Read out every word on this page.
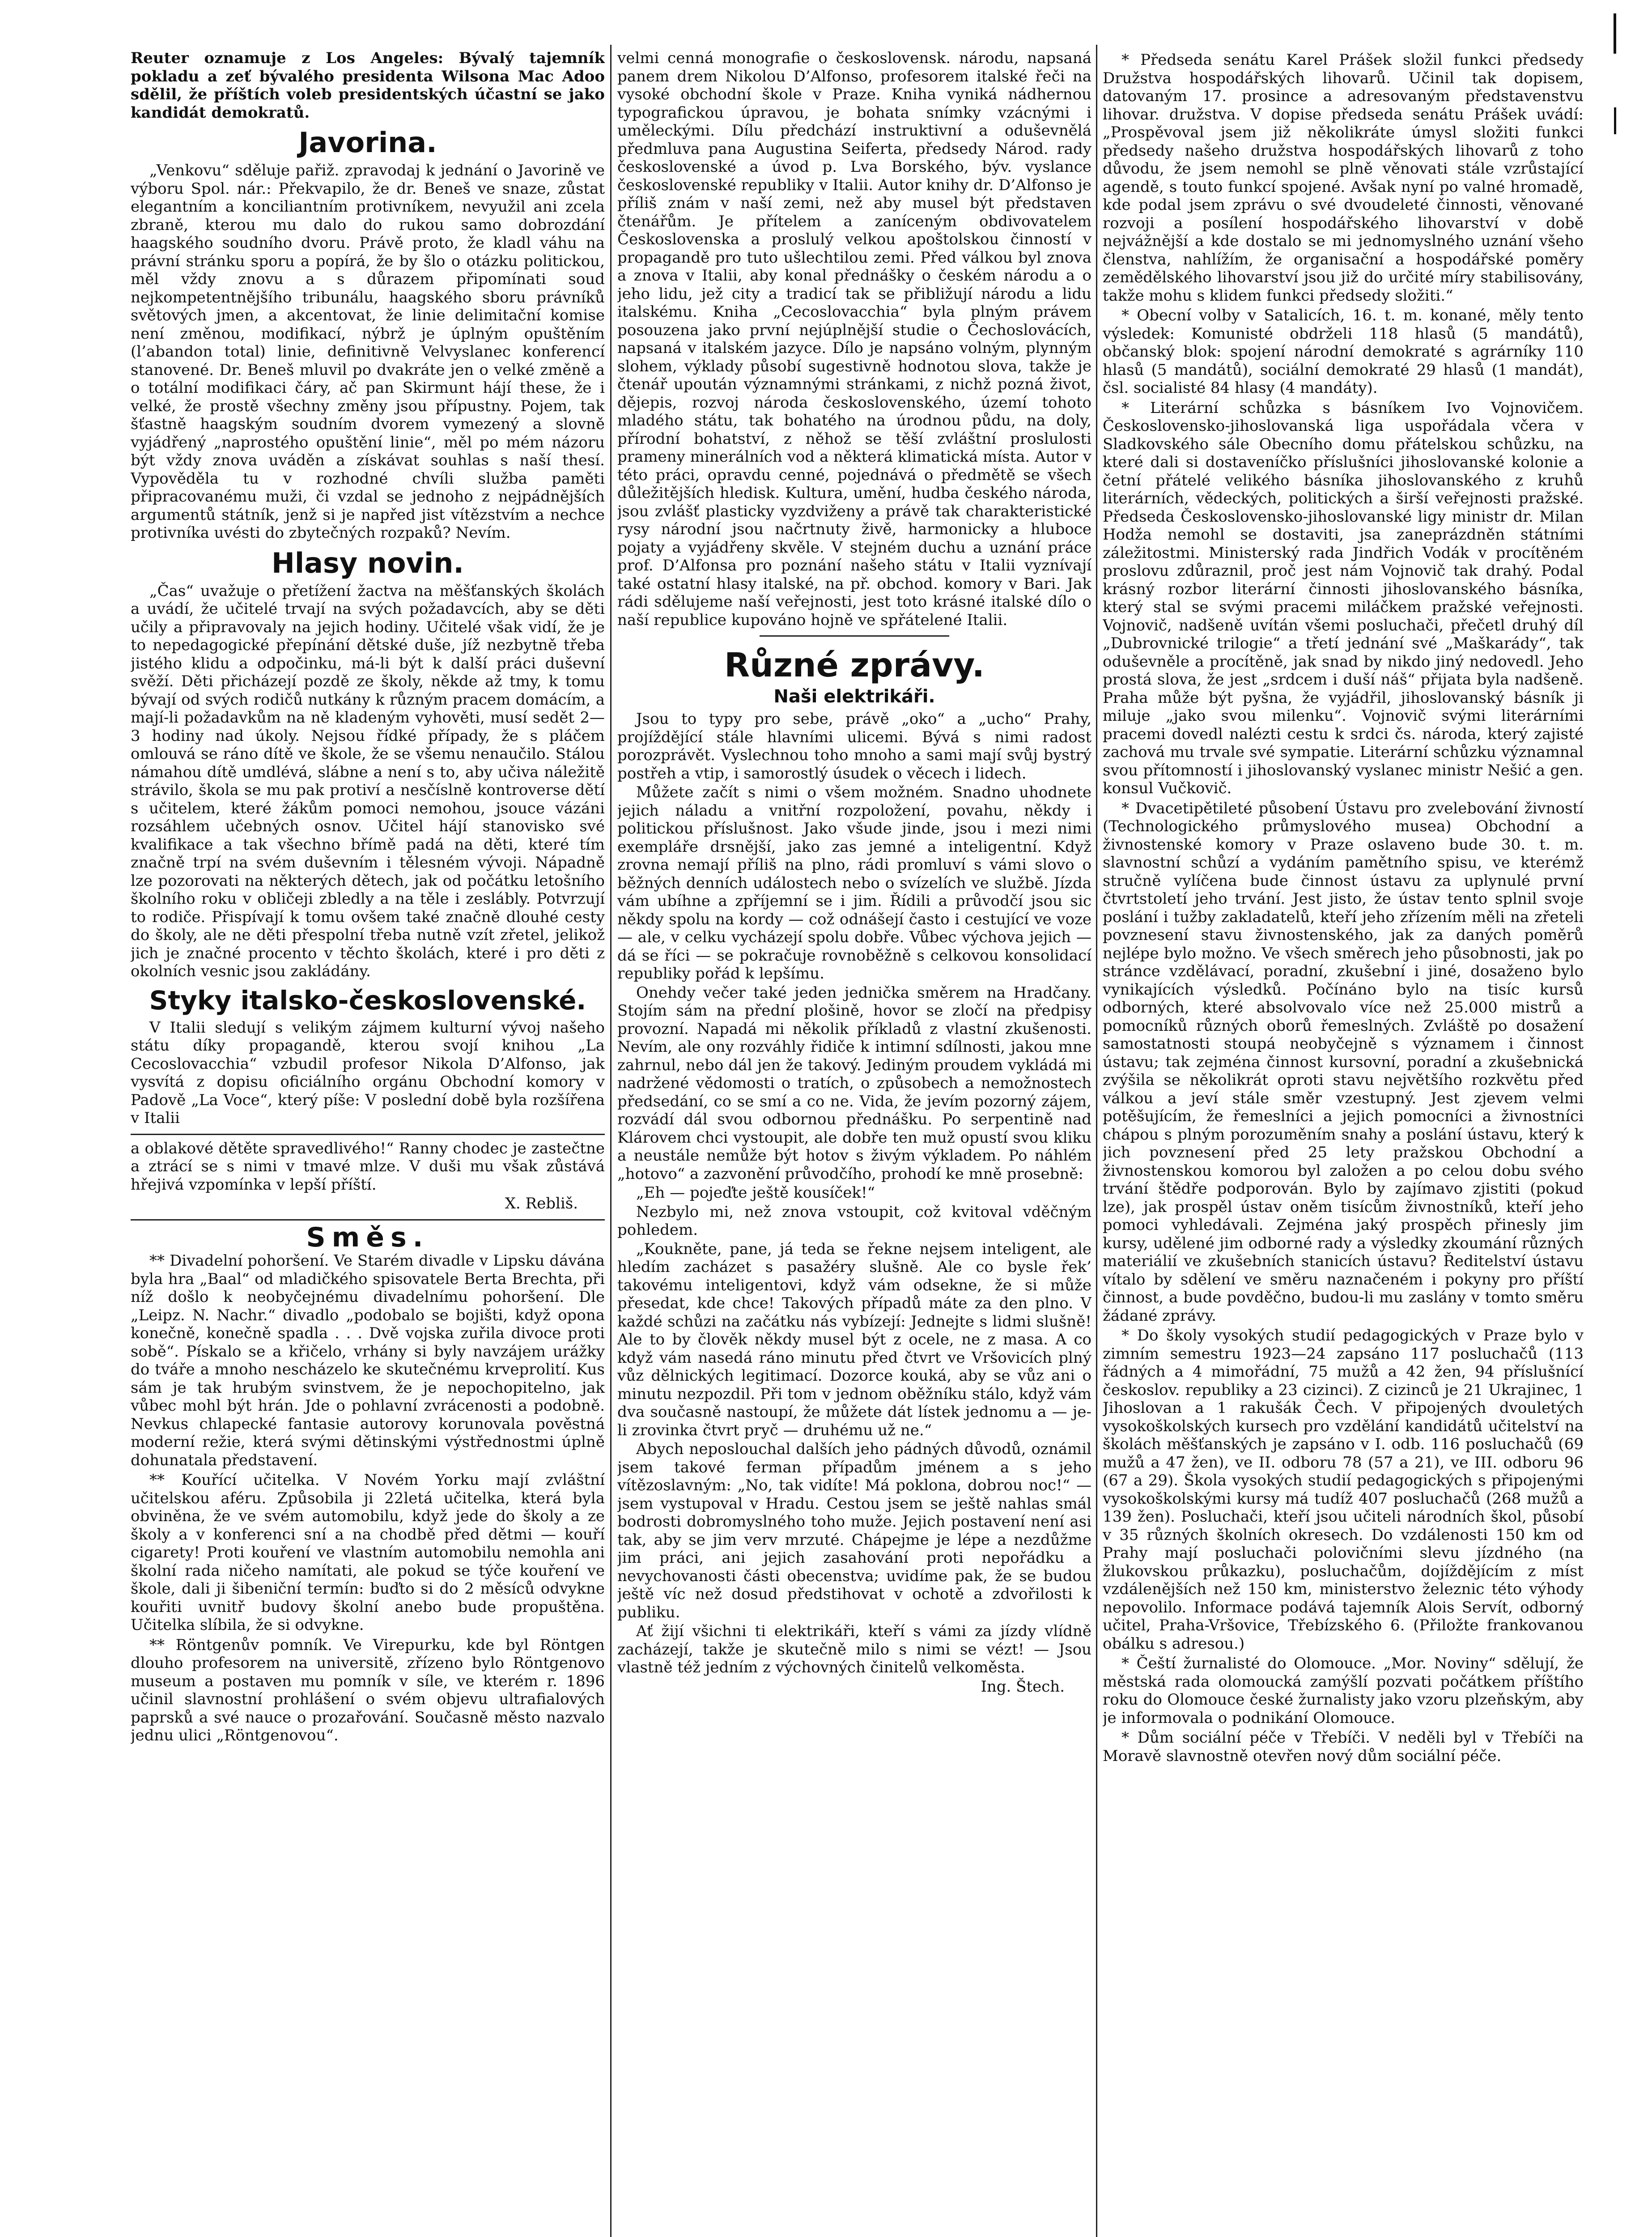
Reuter oznamuje z Los Angeles: Bývalý tajemník pokladu a zeť bývalého presidenta Wilsona Mac Adoo sdělil, že příštích voleb presidentských účastní se jako kandidát demokratů.

Javorina.

„Venkovu“ sděluje pařiž. zpravodaj k jednání o Javorině ve výboru Spol. nár.: Překvapilo, že dr. Beneš ve snaze, zůstat elegantním a konciliantním protivníkem, nevyužil ani zcela zbraně, kterou mu dalo do rukou samo dobrozdání haagského soudního dvoru. Právě proto, že kladl váhu na právní stránku sporu a popírá, že by šlo o otázku politickou, měl vždy znovu a s důrazem připomínati soud nejkompetentnějšího tribunálu, haagského sboru právníků světových jmen, a akcentovat, že linie delimitační komise není změnou, modifikací, nýbrž je úplným opuštěním (l’abandon total) linie, definitivně Velvyslanec konferencí stanovené. Dr. Beneš mluvil po dvakráte jen o velké změně a o totální modifikaci čáry, ač pan Skirmunt hájí these, že i velké, že prostě všechny změny jsou přípustny. Pojem, tak šťastně haagským soudním dvorem vymezený a slovně vyjádřený „naprostého opuštění linie“, měl po mém názoru být vždy znova uváděn a získávat souhlas s naší thesí. Vypověděla tu v rozhodné chvíli služba paměti připracovanému muži, či vzdal se jednoho z nejpádnějších argumentů státník, jenž si je napřed jist vítězstvím a nechce protivníka uvésti do zbytečných rozpaků? Nevím.

Hlasy novin.

„Čas“ uvažuje o přetížení žactva na měšťanských školách a uvádí, že učitelé trvají na svých požadavcích, aby se děti učily a připravovaly na jejich hodiny. Učitelé však vidí, že je to nepedagogické přepínání dětské duše, jíž nezbytně třeba jistého klidu a odpočinku, má-li být k další práci duševní svěží. Děti přicházejí pozdě ze školy, někde až tmy, k tomu bývají od svých rodičů nutkány k různým pracem domácím, a mají-li požadavkům na ně kladeným vyhověti, musí sedět 2—3 hodiny nad úkoly. Nejsou řídké případy, že s pláčem omlouvá se ráno dítě ve škole, že se všemu nenaučilo. Stálou námahou dítě umdlévá, slábne a není s to, aby učiva náležitě strávilo, škola se mu pak protiví a nesčíslně kontroverse dětí s učitelem, které žákům pomoci nemohou, jsouce vázáni rozsáhlem učebných osnov. Učitel hájí stanovisko své kvalifikace a tak všechno břímě padá na děti, které tím značně trpí na svém duševním i tělesném vývoji. Nápadně lze pozorovati na některých dětech, jak od počátku letošního školního roku v obličeji zbledly a na těle i zeslábly. Potvrzují to rodiče. Přispívají k tomu ovšem také značně dlouhé cesty do školy, ale ne děti přespolní třeba nutně vzít zřetel, jelikož jich je značné procento v těchto školách, které i pro děti z okolních vesnic jsou zakládány.

Styky italsko-československé.

V Italii sledují s velikým zájmem kulturní vývoj našeho státu díky propagandě, kterou svojí knihou „La Cecoslovacchia“ vzbudil profesor Nikola D’Alfonso, jak vysvítá z dopisu oficiálního orgánu Obchodní komory v Padově „La Voce“, který píše: V poslední době byla rozšířena v Italii

a oblakové dětěte spravedlivého!“ Ranny chodec je zastečtne a ztrácí se s nimi v tmavé mlze. V duši mu však zůstává hřejivá vzpomínka v lepší příští.

X. Rebliš.

Směs.

** Divadelní pohoršení. Ve Starém divadle v Lipsku dávána byla hra „Baal“ od mladičkého spisovatele Berta Brechta, při níž došlo k neobyčejnému divadelnímu pohoršení. Dle „Leipz. N. Nachr.“ divadlo „podobalo se bojišti, když opona konečně, konečně spadla . . . Dvě vojska zuřila divoce proti sobě“. Pískalo se a křičelo, vrhány si byly navzájem urážky do tváře a mnoho nescházelo ke skutečnému krveprolití. Kus sám je tak hrubým svinstvem, že je nepochopitelno, jak vůbec mohl být hrán. Jde o pohlavní zvrácenosti a podobně. Nevkus chlapecké fantasie autorovy korunovala pověstná moderní režie, která svými dětinskými výstřednostmi úplně dohunatala představení.

** Kouřící učitelka. V Novém Yorku mají zvláštní učitelskou aféru. Způsobila ji 22letá učitelka, která byla obviněna, že ve svém automobilu, když jede do školy a ze školy a v konferenci sní a na chodbě před dětmi — kouří cigarety! Proti kouření ve vlastním automobilu nemohla ani školní rada ničeho namítati, ale pokud se týče kouření ve škole, dali ji šibeniční termín: buďto si do 2 měsíců odvykne kouřiti uvnitř budovy školní anebo bude propuštěna. Učitelka slíbila, že si odvykne.

** Röntgenův pomník. Ve Virepurku, kde byl Röntgen dlouho profesorem na universitě, zřízeno bylo Röntgenovo museum a postaven mu pomník v síle, ve kterém r. 1896 učinil slavnostní prohlášení o svém objevu ultrafialových paprsků a své nauce o prozařování. Současně město nazvalo jednu ulici „Röntgenovou“.

velmi cenná monografie o československ. národu, napsaná panem drem Nikolou D’Alfonso, profesorem italské řeči na vysoké obchodní škole v Praze. Kniha vyniká nádhernou typografickou úpravou, je bohata snímky vzácnými i uměleckými. Dílu předchází instruktivní a oduševnělá předmluva pana Augustina Seiferta, předsedy Národ. rady československé a úvod p. Lva Borského, býv. vyslance československé republiky v Italii. Autor knihy dr. D’Alfonso je příliš znám v naší zemi, než aby musel být představen čtenářům. Je přítelem a zaníceným obdivovatelem Československa a proslulý velkou apoštolskou činností v propagandě pro tuto ušlechtilou zemi. Před válkou byl znova a znova v Italii, aby konal přednášky o českém národu a o jeho lidu, jež city a tradicí tak se přibližují národu a lidu italskému. Kniha „Cecoslovacchia“ byla plným právem posouzena jako první nejúplnější studie o Čechoslovácích, napsaná v italském jazyce. Dílo je napsáno volným, plynným slohem, výklady působí sugestivně hodnotou slova, takže je čtenář upoután významnými stránkami, z nichž pozná život, dějepis, rozvoj národa československého, území tohoto mladého státu, tak bohatého na úrodnou půdu, na doly, přírodní bohatství, z něhož se těší zvláštní proslulosti prameny minerálních vod a některá klimatická místa. Autor v této práci, opravdu cenné, pojednává o předmětě se všech důležitějších hledisk. Kultura, umění, hudba českého národa, jsou zvlášť plasticky vyzdviženy a právě tak charakteristické rysy národní jsou načrtnuty živě, harmonicky a hluboce pojaty a vyjádřeny skvěle. V stejném duchu a uznání práce prof. D’Alfonsa pro poznání našeho státu v Italii vyznívají také ostatní hlasy italské, na př. obchod. komory v Bari. Jak rádi sdělujeme naší veřejnosti, jest toto krásné italské dílo o naší republice kupováno hojně ve spřátelené Italii.

Různé zprávy.
Naši elektrikáři.

Jsou to typy pro sebe, právě „oko“ a „ucho“ Prahy, projíždějící stále hlavními ulicemi. Bývá s nimi radost porozprávět. Vyslechnou toho mnoho a sami mají svůj bystrý postřeh a vtip, i samorostlý úsudek o věcech i lidech.

Můžete začít s nimi o všem možném. Snadno uhodnete jejich náladu a vnitřní rozpoložení, povahu, někdy i politickou příslušnost. Jako všude jinde, jsou i mezi nimi exempláře drsnější, jako zas jemné a inteligentní. Když zrovna nemají příliš na plno, rádi promluví s vámi slovo o běžných denních událostech nebo o svízelích ve službě. Jízda vám ubíhne a zpříjemní se i jim. Řídili a průvodčí jsou sic někdy spolu na kordy — což odnášejí často i cestující ve voze — ale, v celku vycházejí spolu dobře. Vůbec výchova jejich — dá se říci — se pokračuje rovnoběžně s celkovou konsolidací republiky pořád k lepšímu.

Onehdy večer také jeden jednička směrem na Hradčany. Stojím sám na přední plošině, hovor se zločí na předpisy provozní. Napadá mi několik příkladů z vlastní zkušenosti. Nevím, ale ony rozváhly řidiče k intimní sdílnosti, jakou mne zahrnul, nebo dál jen že takový. Jediným proudem vykládá mi nadržené vědomosti o tratích, o způsobech a nemožnostech předsedání, co se smí a co ne. Vida, že jevím pozorný zájem, rozvádí dál svou odbornou přednášku. Po serpentině nad Klárovem chci vystoupit, ale dobře ten muž opustí svou kliku a neustále nemůže být hotov s živým výkladem. Po náhlém „hotovo“ a zazvonění průvodčího, prohodí ke mně prosebně:

„Eh — pojeďte ještě kousíček!“

Nezbylo mi, než znova vstoupit, což kvitoval vděčným pohledem.

„Koukněte, pane, já teda se řekne nejsem inteligent, ale hledím zacházet s pasažéry slušně. Ale co bysle řek’ takovému inteligentovi, když vám odsekne, že si může přesedat, kde chce! Takových případů máte za den plno. V každé schůzi na začátku nás vybízejí: Jednejte s lidmi slušně! Ale to by člověk někdy musel být z ocele, ne z masa. A co když vám nasedá ráno minutu před čtvrt ve Vršovicích plný vůz dělnických legitimací. Dozorce kouká, aby se vůz ani o minutu nezpozdil. Při tom v jednom oběžníku stálo, když vám dva současně nastoupí, že můžete dát lístek jednomu a — je-li zrovinka čtvrt pryč — druhému už ne.“

Abych neposlouchal dalších jeho pádných důvodů, oznámil jsem takové ferman případům jménem a s jeho vítězoslavným: „No, tak vidíte! Má poklona, dobrou noc!“ — jsem vystupoval v Hradu. Cestou jsem se ještě nahlas smál bodrosti dobromyslného toho muže. Jejich postavení není asi tak, aby se jim verv mrzuté. Chápejme je lépe a nezdůžme jim práci, ani jejich zasahování proti nepořádku a nevychovanosti části obecenstva; uvidíme pak, že se budou ještě víc než dosud předstihovat v ochotě a zdvořilosti k publiku.

Ať žijí všichni ti elektrikáři, kteří s vámi za jízdy vlídně zacházejí, takže je skutečně milo s nimi se vézt! — Jsou vlastně též jedním z výchovných činitelů velkoměsta.

Ing. Štech.

* Předseda senátu Karel Prášek složil funkci předsedy Družstva hospodářských lihovarů. Učinil tak dopisem, datovaným 17. prosince a adresovaným představenstvu lihovar. družstva. V dopise předseda senátu Prášek uvádí: „Prospěvoval jsem již několikráte úmysl složiti funkci předsedy našeho družstva hospodářských lihovarů z toho důvodu, že jsem nemohl se plně věnovati stále vzrůstající agendě, s touto funkcí spojené. Avšak nyní po valné hromadě, kde podal jsem zprávu o své dvoudeleté činnosti, věnované rozvoji a posílení hospodářského lihovarství v době nejvážnější a kde dostalo se mi jednomyslného uznání všeho členstva, nahlížím, že organisační a hospodářské poměry zemědělského lihovarství jsou již do určité míry stabilisovány, takže mohu s klidem funkci předsedy složiti.“

* Obecní volby v Satalicích, 16. t. m. konané, měly tento výsledek: Komunisté obdrželi 118 hlasů (5 mandátů), občanský blok: spojení národní demokraté s agrárníky 110 hlasů (5 mandátů), sociální demokraté 29 hlasů (1 mandát), čsl. socialisté 84 hlasy (4 mandáty).

* Literární schůzka s básníkem Ivo Vojnovičem. Československo-jihoslovanská liga uspořádala včera v Sladkovského sále Obecního domu přátelskou schůzku, na které dali si dostaveníčko příslušníci jihoslovanské kolonie a četní přátelé velikého básníka jihoslovanského z kruhů literárních, vědeckých, politických a širší veřejnosti pražské. Předseda Československo-jihoslovanské ligy ministr dr. Milan Hodža nemohl se dostaviti, jsa zaneprázdněn státními záležitostmi. Ministerský rada Jindřich Vodák v procítěném proslovu zdůraznil, proč jest nám Vojnovič tak drahý. Podal krásný rozbor literární činnosti jihoslovanského básníka, který stal se svými pracemi miláčkem pražské veřejnosti. Vojnovič, nadšeně uvítán všemi posluchači, přečetl druhý díl „Dubrovnické trilogie“ a třetí jednání své „Maškarády“, tak oduševněle a procítěně, jak snad by nikdo jiný nedovedl. Jeho prostá slova, že jest „srdcem i duší náš“ přijata byla nadšeně. Praha může být pyšna, že vyjádřil, jihoslovanský básník ji miluje „jako svou milenku“. Vojnovič svými literárními pracemi dovedl nalézti cestu k srdci čs. národa, který zajisté zachová mu trvale své sympatie. Literární schůzku významnal svou přítomností i jihoslovanský vyslanec ministr Nešić a gen. konsul Vučkovič.

* Dvacetipětileté působení Ústavu pro zvelebování živností (Technologického průmyslového musea) Obchodní a živnostenské komory v Praze oslaveno bude 30. t. m. slavnostní schůzí a vydáním pamětního spisu, ve kterémž stručně vylíčena bude činnost ústavu za uplynulé první čtvrtstoletí jeho trvání. Jest jisto, že ústav tento splnil svoje poslání i tužby zakladatelů, kteří jeho zřízením měli na zřeteli povznesení stavu živnostenského, jak za daných poměrů nejlépe bylo možno. Ve všech směrech jeho působnosti, jak po stránce vzdělávací, poradní, zkušební i jiné, dosaženo bylo vynikajících výsledků. Počínáno bylo na tisíc kursů odborných, které absolvovalo více než 25.000 mistrů a pomocníků různých oborů řemeslných. Zvláště po dosažení samostatnosti stoupá neobyčejně s významem i činnost ústavu; tak zejména činnost kursovní, poradní a zkušebnická zvýšila se několikrát oproti stavu největšího rozkvětu před válkou a jeví stále směr vzestupný. Jest zjevem velmi potěšujícím, že řemeslníci a jejich pomocníci a živnostníci chápou s plným porozuměním snahy a poslání ústavu, který k jich povznesení před 25 lety pražskou Obchodní a živnostenskou komorou byl založen a po celou dobu svého trvání štědře podporován. Bylo by zajímavo zjistiti (pokud lze), jak prospěl ústav oněm tisícům živnostníků, kteří jeho pomoci vyhledávali. Zejména jaký prospěch přinesly jim kursy, udělené jim odborné rady a výsledky zkoumání různých materiálií ve zkušebních stanicích ústavu? Ředitelství ústavu vítalo by sdělení ve směru naznačeném i pokyny pro příští činnost, a bude povděčno, budou-li mu zaslány v tomto směru žádané zprávy.

* Do školy vysokých studií pedagogických v Praze bylo v zimním semestru 1923—24 zapsáno 117 posluchačů (113 řádných a 4 mimořádní, 75 mužů a 42 žen, 94 příslušnící českoslov. republiky a 23 cizinci). Z cizinců je 21 Ukrajinec, 1 Jihoslovan a 1 rakušák Čech. V připojených dvouletých vysokoškolských kursech pro vzdělání kandidátů učitelství na školách měšťanských je zapsáno v I. odb. 116 posluchačů (69 mužů a 47 žen), ve II. odboru 78 (57 a 21), ve III. odboru 96 (67 a 29). Škola vysokých studií pedagogických s připojenými vysokoškolskými kursy má tudíž 407 posluchačů (268 mužů a 139 žen). Posluchači, kteří jsou učiteli národních škol, působí v 35 různých školních okresech. Do vzdálenosti 150 km od Prahy mají posluchači polovičními slevu jízdného (na žlukovskou průkazku), posluchačům, dojíždějícím z míst vzdálenějších než 150 km, ministerstvo železnic této výhody nepovolilo. Informace podává tajemník Alois Servít, odborný učitel, Praha-Vršovice, Třebízského 6. (Přiložte frankovanou obálku s adresou.)

* Čeští žurnalisté do Olomouce. „Mor. Noviny“ sdělují, že městská rada olomoucká zamýšlí pozvati počátkem příštího roku do Olomouce české žurnalisty jako vzoru plzeňským, aby je informovala o podnikání Olomouce.

* Dům sociální péče v Třebíči. V neděli byl v Třebíči na Moravě slavnostně otevřen nový dům sociální péče.
